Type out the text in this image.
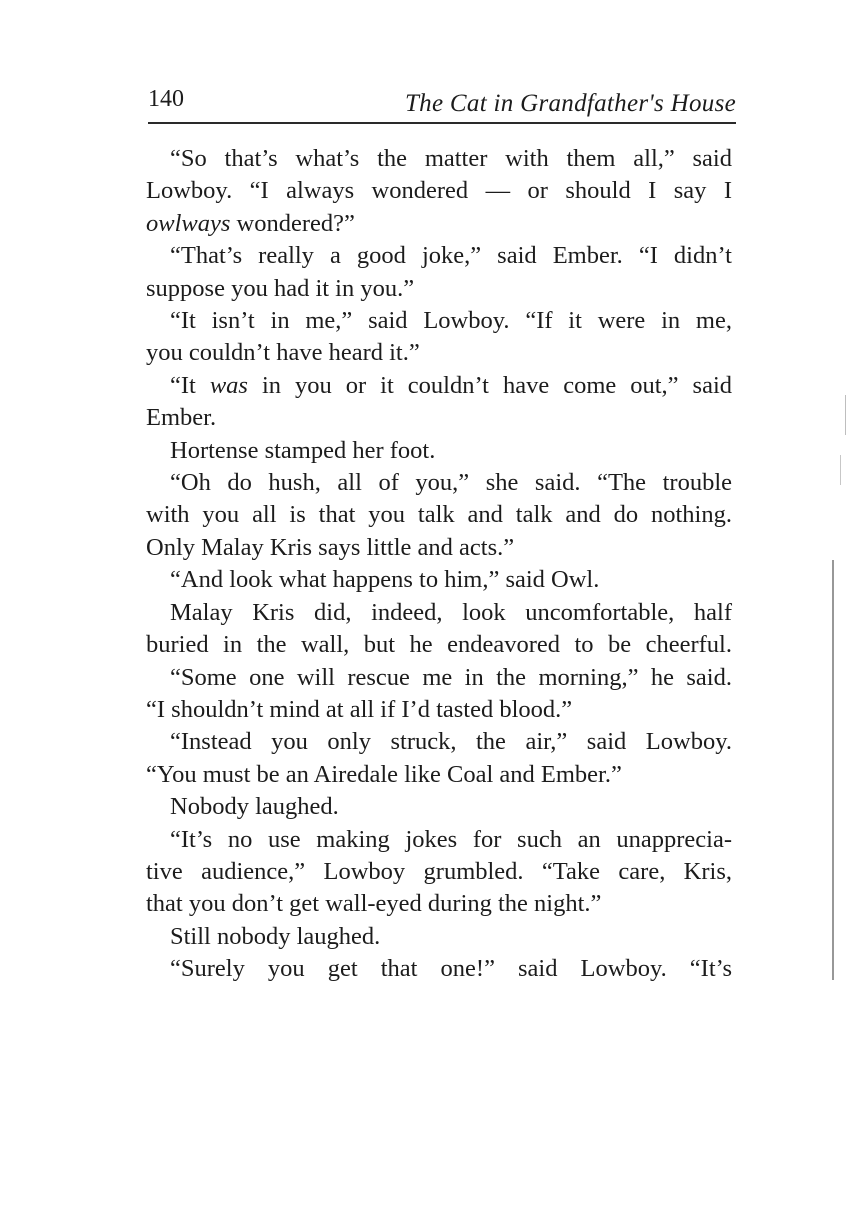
140	The Cat in Grandfather's House
“So that’s what’s the matter with them all,” said
Lowboy. “I always wondered — or should I say I
owlways wondered?”
“That’s really a good joke,” said Ember. “I didn’t
suppose you had it in you.”
“It isn’t in me,” said Lowboy. “If it were in me,
you couldn’t have heard it.”
“It was in you or it couldn’t have come out,” said
Ember.
Hortense stamped her foot.
“Oh do hush, all of you,” she said. “The trouble
with you all is that you talk and talk and do nothing.
Only Malay Kris says little and acts.”
“And look what happens to him,” said Owl.
Malay Kris did, indeed, look uncomfortable, half
buried in the wall, but he endeavored to be cheerful.
“Some one will rescue me in the morning,” he said.
“I shouldn’t mind at all if I’d tasted blood.”
“Instead you only struck, the air,” said Lowboy.
“You must be an Airedale like Coal and Ember.”
Nobody laughed.
“It’s no use making jokes for such an unapprecia-
tive audience,” Lowboy grumbled. “Take care, Kris,
that you don’t get wall-eyed during the night.”
Still nobody laughed.
“Surely you get that one!” said Lowboy. “It’s
